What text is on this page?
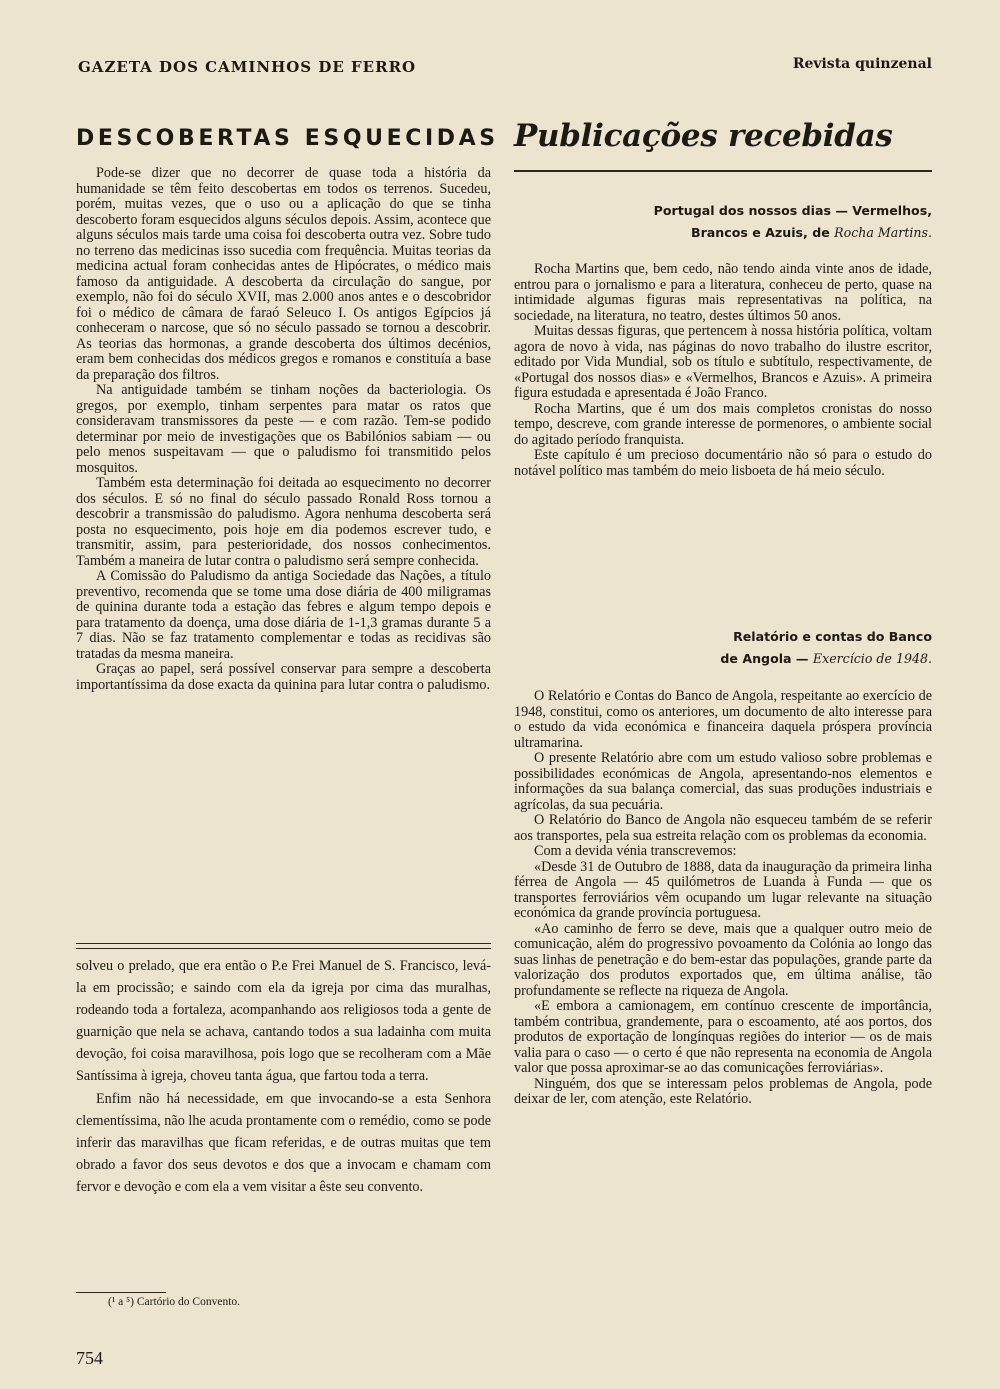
GAZETA DOS CAMINHOS DE FERRO	Revista quinzenal
DESCOBERTAS ESQUECIDAS

Pode-se dizer que no decorrer de quase toda a história da humanidade se têm feito descobertas em todos os terrenos. Sucedeu, porém, muitas vezes, que o uso ou a aplicação do que se tinha descoberto foram esquecidos alguns séculos depois. Assim, acontece que alguns séculos mais tarde uma coisa foi descoberta outra vez. Sobre tudo no terreno das medicinas isso sucedia com frequência. Muitas teorias da medicina actual foram conhecidas antes de Hipócrates, o médico mais famoso da antiguidade. A descoberta da circulação do sangue, por exemplo, não foi do século XVII, mas 2.000 anos antes e o descobridor foi o médico de câmara de faraó Seleuco I. Os antigos Egípcios já conheceram o narcose, que só no século passado se tornou a descobrir. As teorias das hormonas, a grande descoberta dos últimos decénios, eram bem conhecidas dos médicos gregos e romanos e constituía a base da preparação dos filtros.

Na antiguidade também se tinham noções da bacteriologia. Os gregos, por exemplo, tinham serpentes para matar os ratos que consideravam transmissores da peste — e com razão. Tem-se podido determinar por meio de investigações que os Babilónios sabiam — ou pelo menos suspeitavam — que o paludismo foi transmitido pelos mosquitos.

Também esta determinação foi deitada ao esquecimento no decorrer dos séculos. E só no final do século passado Ronald Ross tornou a descobrir a transmissão do paludismo. Agora nenhuma descoberta será posta no esquecimento, pois hoje em dia podemos escrever tudo, e transmitir, assim, para pesterioridade, dos nossos conhecimentos. Também a maneira de lutar contra o paludismo será sempre conhecida.

A Comissão do Paludismo da antiga Sociedade das Nações, a título preventivo, recomenda que se tome uma dose diária de 400 miligramas de quinina durante toda a estação das febres e algum tempo depois e para tratamento da doença, uma dose diária de 1-1,3 gramas durante 5 a 7 dias. Não se faz tratamento complementar e todas as recidivas são tratadas da mesma maneira.

Graças ao papel, será possível conservar para sempre a descoberta importantíssima da dose exacta da quinina para lutar contra o paludismo.

solveu o prelado, que era então o P.e Frei Manuel de S. Francisco, levá-la em procissão; e saindo com ela da igreja por cima das muralhas, rodeando toda a fortaleza, acompanhando aos religiosos toda a gente de guarnição que nela se achava, cantando todos a sua ladainha com muita devoção, foi coisa maravilhosa, pois logo que se recolheram com a Mãe Santíssima à igreja, choveu tanta água, que fartou toda a terra.

Enfim não há necessidade, em que invocando-se a esta Senhora clementíssima, não lhe acuda prontamente com o remédio, como se pode inferir das maravilhas que ficam referidas, e de outras muitas que tem obrado a favor dos seus devotos e dos que a invocam e chamam com fervor e devoção e com ela a vem visitar a êste seu convento.

(¹ a ⁵) Cartório do Convento.
754
Publicações recebidas
Portugal dos nossos dias — Vermelhos,
Brancos e Azuis, de Rocha Martins.

Rocha Martins que, bem cedo, não tendo ainda vinte anos de idade, entrou para o jornalismo e para a literatura, conheceu de perto, quase na intimidade algumas figuras mais representativas na política, na sociedade, na literatura, no teatro, destes últimos 50 anos.

Muitas dessas figuras, que pertencem à nossa história política, voltam agora de novo à vida, nas páginas do novo trabalho do ilustre escritor, editado por Vida Mundial, sob os título e subtítulo, respectivamente, de «Portugal dos nossos dias» e «Vermelhos, Brancos e Azuis». A primeira figura estudada e apresentada é João Franco.

Rocha Martins, que é um dos mais completos cronistas do nosso tempo, descreve, com grande interesse de pormenores, o ambiente social do agitado período franquista.

Este capítulo é um precioso documentário não só para o estudo do notável político mas também do meio lisboeta de há meio século.

Relatório e contas do Banco
de Angola — Exercício de 1948.

O Relatório e Contas do Banco de Angola, respeitante ao exercício de 1948, constitui, como os anteriores, um documento de alto interesse para o estudo da vida económica e financeira daquela próspera província ultramarina.

O presente Relatório abre com um estudo valioso sobre problemas e possibilidades económicas de Angola, apresentando-nos elementos e informações da sua balança comercial, das suas produções industriais e agrícolas, da sua pecuária.

O Relatório do Banco de Angola não esqueceu também de se referir aos transportes, pela sua estreita relação com os problemas da economia.

Com a devida vénia transcrevemos:

«Desde 31 de Outubro de 1888, data da inauguração da primeira linha férrea de Angola — 45 quilómetros de Luanda à Funda — que os transportes ferroviários vêm ocupando um lugar relevante na situação económica da grande província portuguesa.

«Ao caminho de ferro se deve, mais que a qualquer outro meio de comunicação, além do progressivo povoamento da Colónia ao longo das suas linhas de penetração e do bem-estar das populações, grande parte da valorização dos produtos exportados que, em última análise, tão profundamente se reflecte na riqueza de Angola.

«E embora a camionagem, em contínuo crescente de importância, também contribua, grandemente, para o escoamento, até aos portos, dos produtos de exportação de longínquas regiões do interior — os de mais valia para o caso — o certo é que não representa na economia de Angola valor que possa aproximar-se ao das comunicações ferroviárias».

Ninguém, dos que se interessam pelos problemas de Angola, pode deixar de ler, com atenção, este Relatório.
